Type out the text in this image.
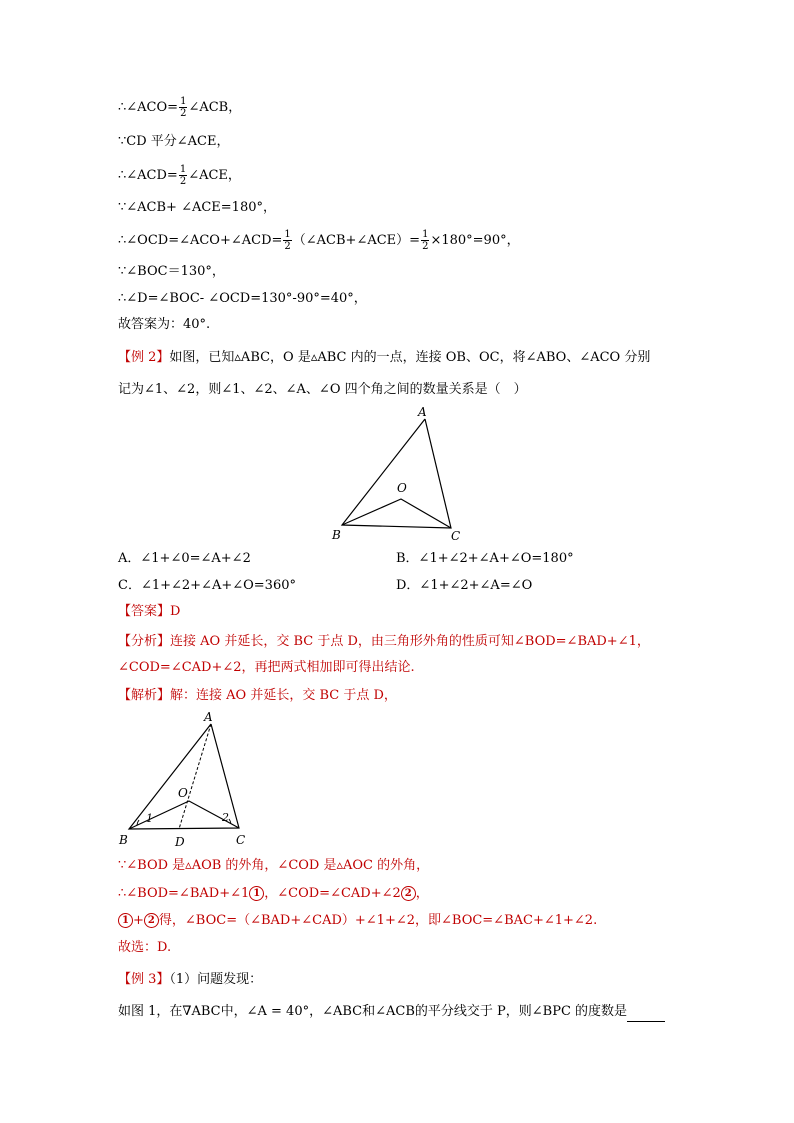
∴∠ACO= $\frac{1}{2}$ ∠ACB，
∵CD 平分∠ACE，
∴∠ACD= $\frac{1}{2}$ ∠ACE，
∵∠ACB+ ∠ACE=180°，
∴∠OCD=∠ACO+∠ACD= $\frac{1}{2}$ （∠ACB+∠ACE）= $\frac{1}{2} \times 180^\circ=90^\circ$，
∵∠BOC＝130°，
∴∠D=∠BOC- ∠OCD=130°-90°=40°，
故答案为：40°.
【例 2】如图，已知▵ABC，O 是▵ABC 内的一点，连接 OB、OC，将∠ABO、∠ACO 分别
记为∠1、∠2，则∠1、∠2、∠A、∠O 四个角之间的数量关系是（　）
A
O
B	C
A．∠1+∠0=∠A+∠2	B．∠1+∠2+∠A+∠O=180°
C．∠1+∠2+∠A+∠O=360°	D．∠1+∠2+∠A=∠O
【答案】D
【分析】连接 AO 并延长，交 BC 于点 D，由三角形外角的性质可知∠BOD=∠BAD+∠1，
∠COD=∠CAD+∠2，再把两式相加即可得出结论.
【解析】解：连接 AO 并延长，交 BC 于点 D，
A
O
B	C
D
1	2
∵∠BOD 是▵AOB 的外角，∠COD 是▵AOC 的外角，
∴∠BOD=∠BAD+∠1 1 ，∠COD=∠CAD+∠2 2 ，
1 + 2 得，∠BOC=（∠BAD+∠CAD）+∠1+∠2，即∠BOC=∠BAC+∠1+∠2.
故选：D.
【例 3】（1）问题发现：
如图 1，在∇ABC中，∠A = 40°，∠ABC和∠ACB的平分线交于 P，则∠BPC 的度数是
